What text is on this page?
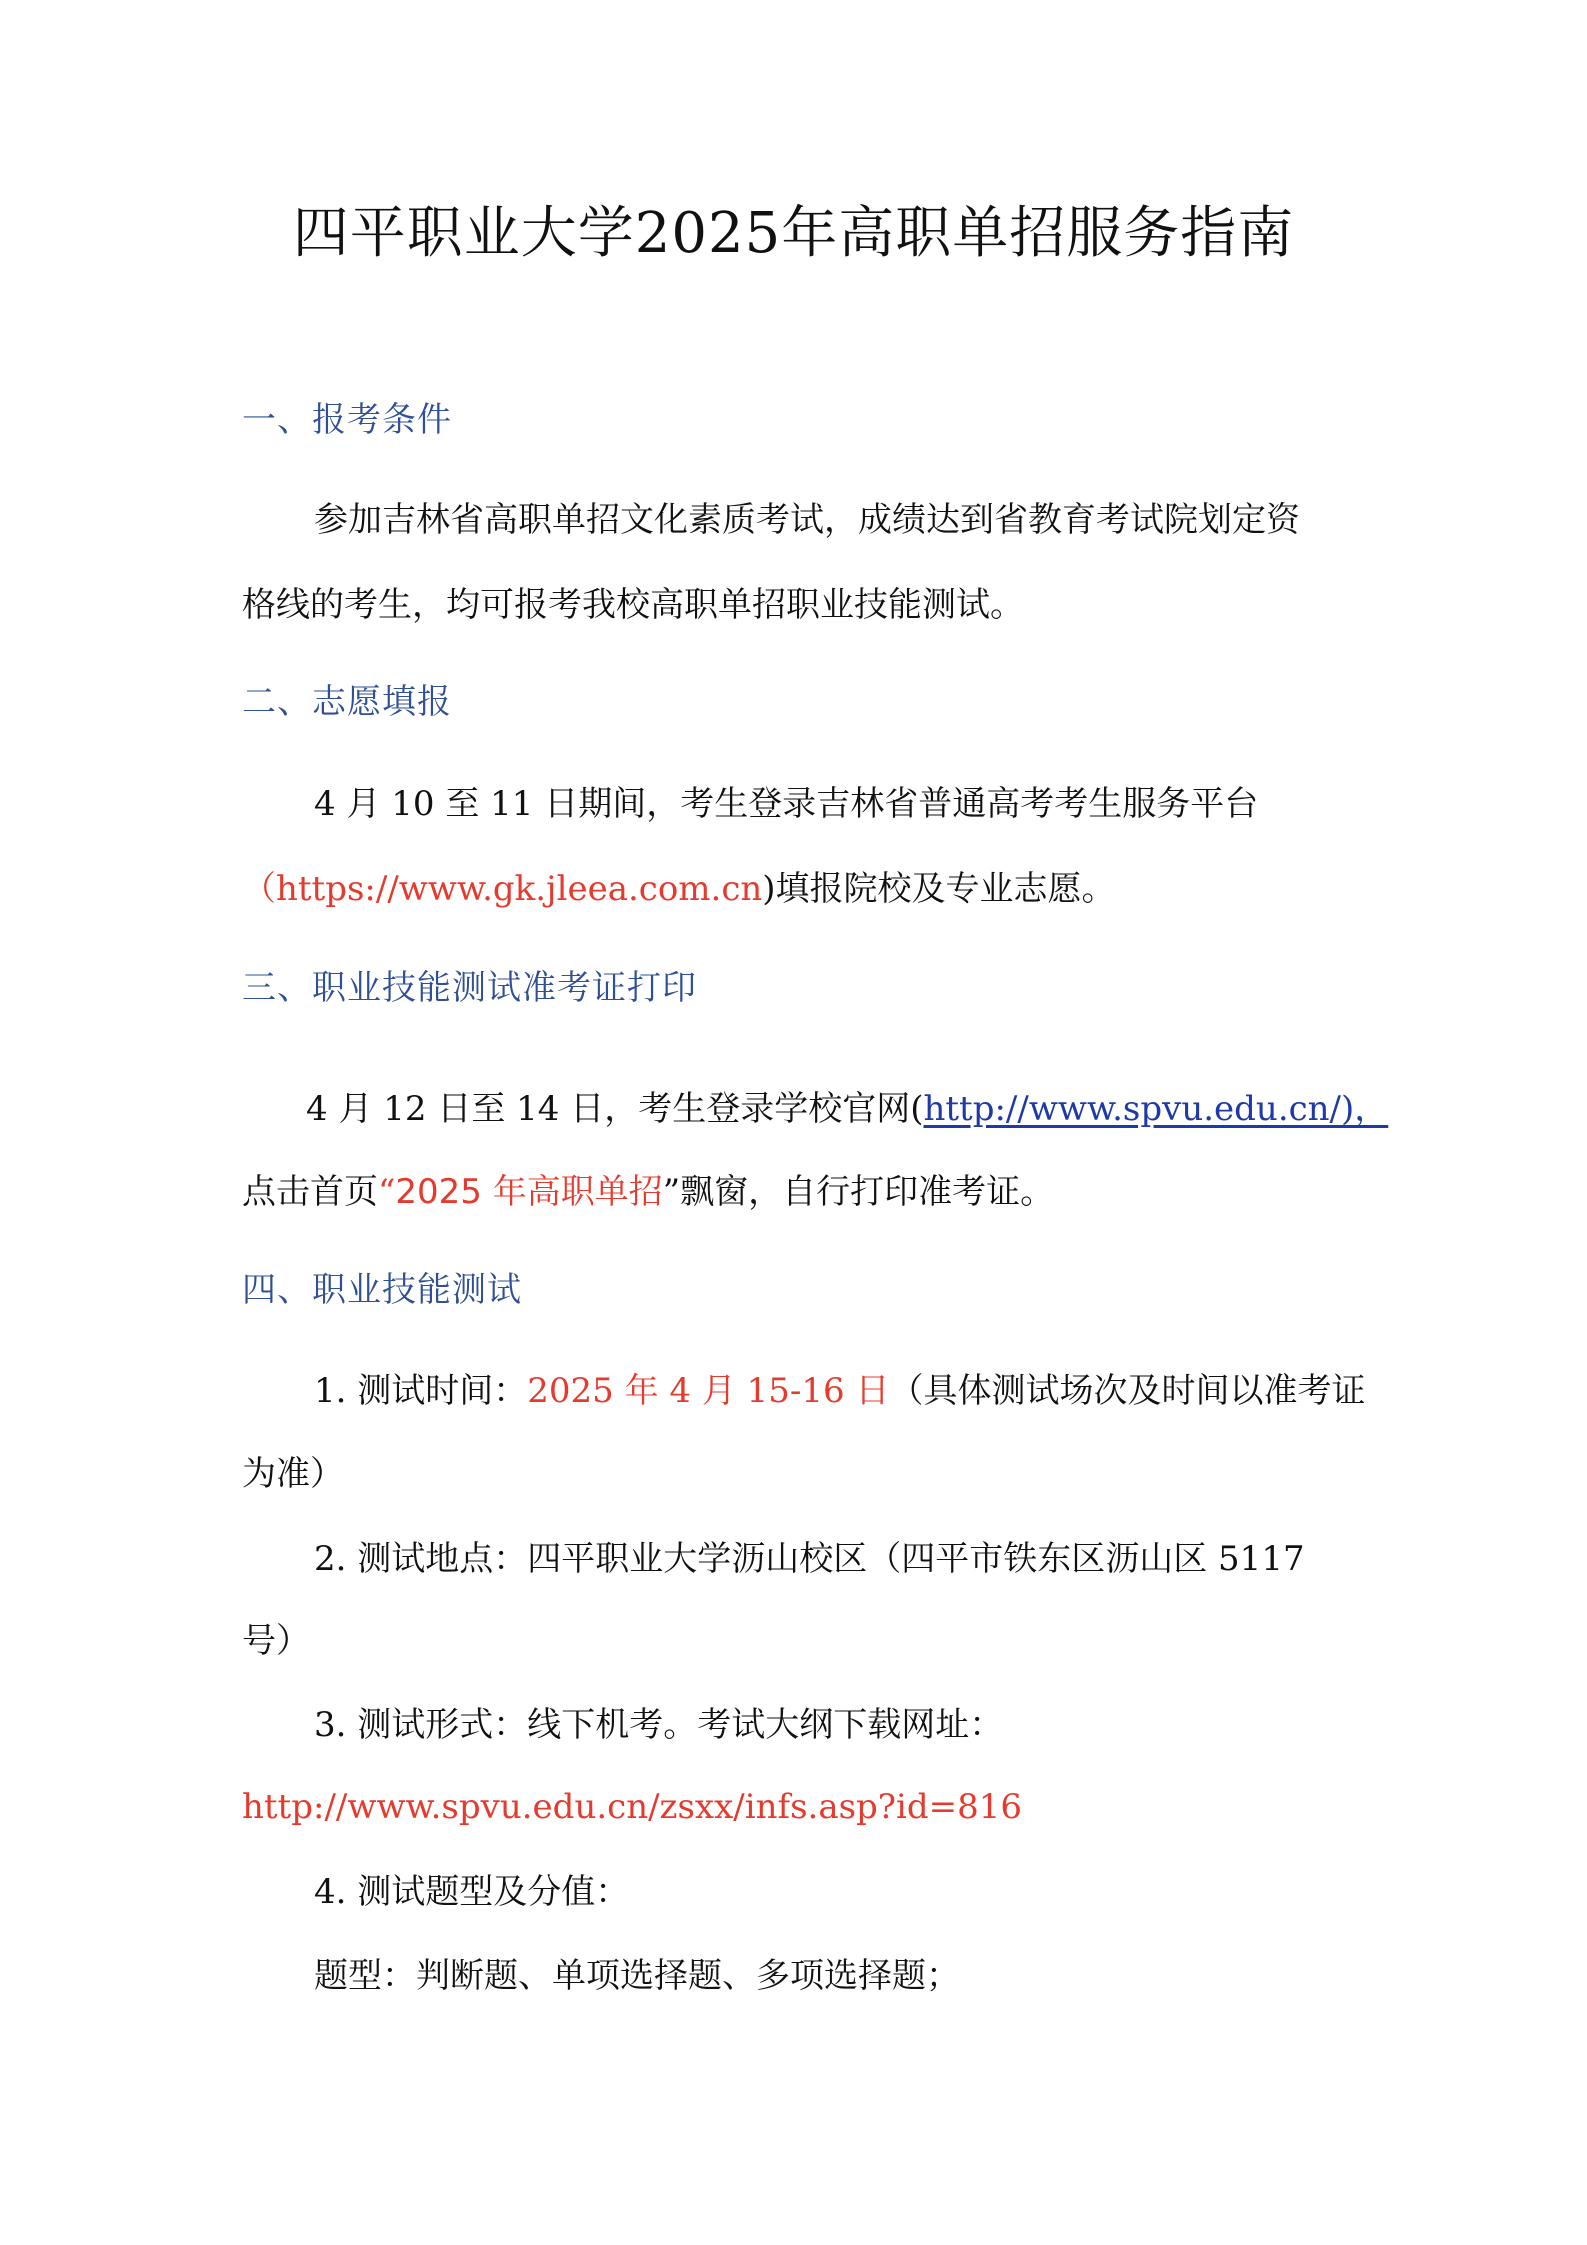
四平职业大学2025年高职单招服务指南
一、报考条件
参加吉林省高职单招文化素质考试，成绩达到省教育考试院划定资
格线的考生，均可报考我校高职单招职业技能测试。
二、志愿填报
4 月 10 至 11 日期间，考生登录吉林省普通高考考生服务平台
（https://www.gk.jleea.com.cn)填报院校及专业志愿。
三、职业技能测试准考证打印
4 月 12 日至 14 日，考生登录学校官网(http://www.spvu.edu.cn/)，
点击首页“2025 年高职单招”飘窗，自行打印准考证。
四、职业技能测试
1. 测试时间：2025 年 4 月 15-16 日（具体测试场次及时间以准考证
为准）
2. 测试地点：四平职业大学沥山校区（四平市铁东区沥山区 5117
号）
3. 测试形式：线下机考。考试大纲下载网址：
http://www.spvu.edu.cn/zsxx/infs.asp?id=816
4. 测试题型及分值：
题型：判断题、单项选择题、多项选择题；
